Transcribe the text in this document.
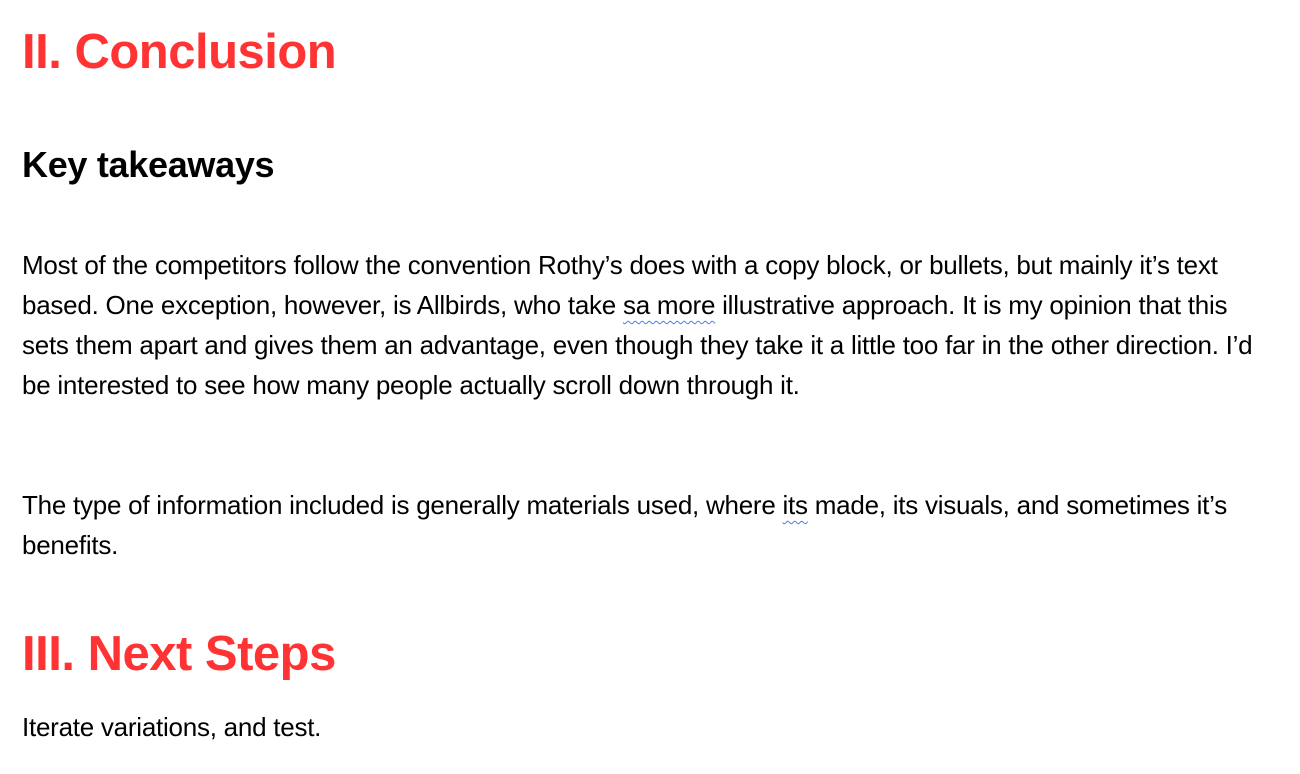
II. Conclusion
Key takeaways

Most of the competitors follow the convention Rothy’s does with a copy block, or bullets, but mainly it’s text based. One exception, however, is Allbirds, who take sa more illustrative approach. It is my opinion that this sets them apart and gives them an advantage, even though they take it a little too far in the other direction. I’d be interested to see how many people actually scroll down through it.

The type of information included is generally materials used, where its made, its visuals, and sometimes it’s benefits.

III. Next Steps

Iterate variations, and test.
